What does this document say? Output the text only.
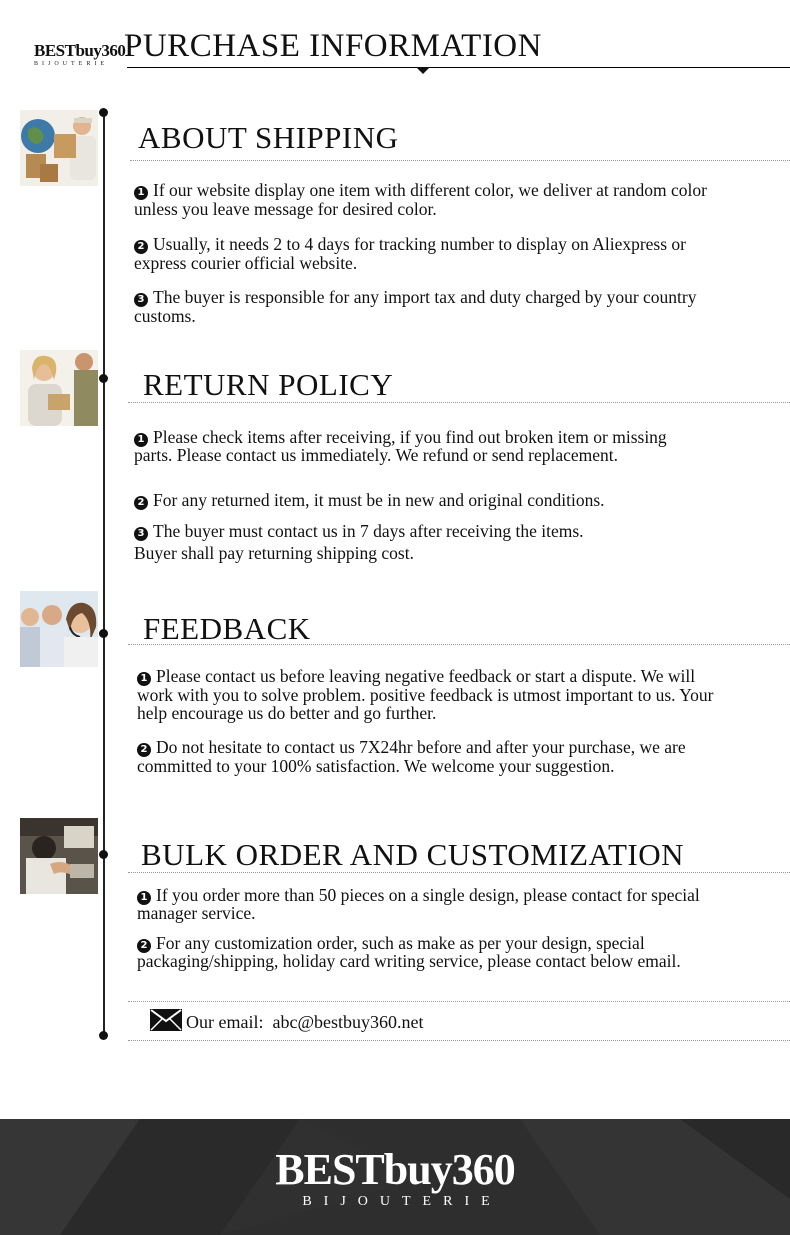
BESTbuy360
BIJOUTERIE PURCHASE INFORMATION
ABOUT SHIPPING
1 If our website display one item with different color, we deliver at random color unless you leave message for desired color.
2 Usually, it needs 2 to 4 days for tracking number to display on Aliexpress or express courier official website.
3 The buyer is responsible for any import tax and duty charged by your country customs.
RETURN POLICY
1 Please check items after receiving, if you find out broken item or missing parts. Please contact us immediately. We refund or send replacement.
2 For any returned item, it must be in new and original conditions.
3 The buyer must contact us in 7 days after receiving the items.
Buyer shall pay returning shipping cost.
FEEDBACK
1 Please contact us before leaving negative feedback or start a dispute. We will work with you to solve problem. positive feedback is utmost important to us. Your help encourage us do better and go further.
2 Do not hesitate to contact us 7X24hr before and after your purchase, we are committed to your 100% satisfaction. We welcome your suggestion.
BULK ORDER AND CUSTOMIZATION
1 If you order more than 50 pieces on a single design, please contact for special manager service.
2 For any customization order, such as make as per your design, special packaging/shipping, holiday card writing service, please contact below email.
Our email: abc@bestbuy360.net
BESTbuy360
BIJOUTERIE
